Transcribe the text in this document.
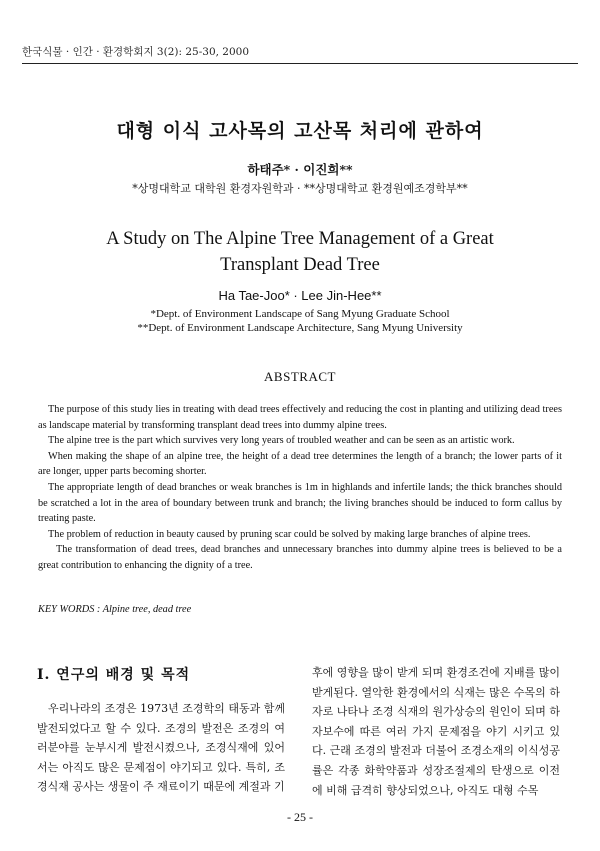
한국식물 · 인간 · 환경학회지 3(2): 25-30, 2000
대형 이식 고사목의 고산목 처리에 관하여
하태주* · 이진희**
*상명대학교 대학원 환경자원학과 · **상명대학교 환경원예조경학부**
A Study on The Alpine Tree Management of a Great
Transplant Dead Tree
Ha Tae-Joo* · Lee Jin-Hee**
*Dept. of Environment Landscape of Sang Myung Graduate School
**Dept. of Environment Landscape Architecture, Sang Myung University
ABSTRACT

The purpose of this study lies in treating with dead trees effectively and reducing the cost in planting and utilizing dead trees as landscape material by transforming transplant dead trees into dummy alpine trees.

The alpine tree is the part which survives very long years of troubled weather and can be seen as an artistic work.

When making the shape of an alpine tree, the height of a dead tree determines the length of a branch; the lower parts of it are longer, upper parts becoming shorter.

The appropriate length of dead branches or weak branches is 1m in highlands and infertile lands; the thick branches should be scratched a lot in the area of boundary between trunk and branch; the living branches should be induced to form callus by treating paste.

The problem of reduction in beauty caused by pruning scar could be solved by making large branches of alpine trees.

The transformation of dead trees, dead branches and unnecessary branches into dummy alpine trees is believed to be a great contribution to enhancing the dignity of a tree.

KEY WORDS : Alpine tree, dead tree
Ⅰ. 연구의 배경 및 목적

우리나라의 조경은 1973년 조경학의 태동과 함께 발전되었다고 할 수 있다. 조경의 발전은 조경의 여러분야를 눈부시게 발전시켰으나, 조경식재에 있어서는 아직도 많은 문제점이 야기되고 있다. 특히, 조경식재 공사는 생물이 주 재료이기 때문에 계절과 기

후에 영향을 많이 받게 되며 환경조건에 지배를 많이 받게된다. 열악한 환경에서의 식재는 많은 수목의 하자로 나타나 조경 식재의 원가상승의 원인이 되며 하자보수에 따른 여러 가지 문제점을 야기 시키고 있다. 근래 조경의 발전과 더불어 조경소재의 이식성공률은 각종 화학약품과 성장조절제의 탄생으로 이전에 비해 급격히 향상되었으나, 아직도 대형 수목

- 25 -
